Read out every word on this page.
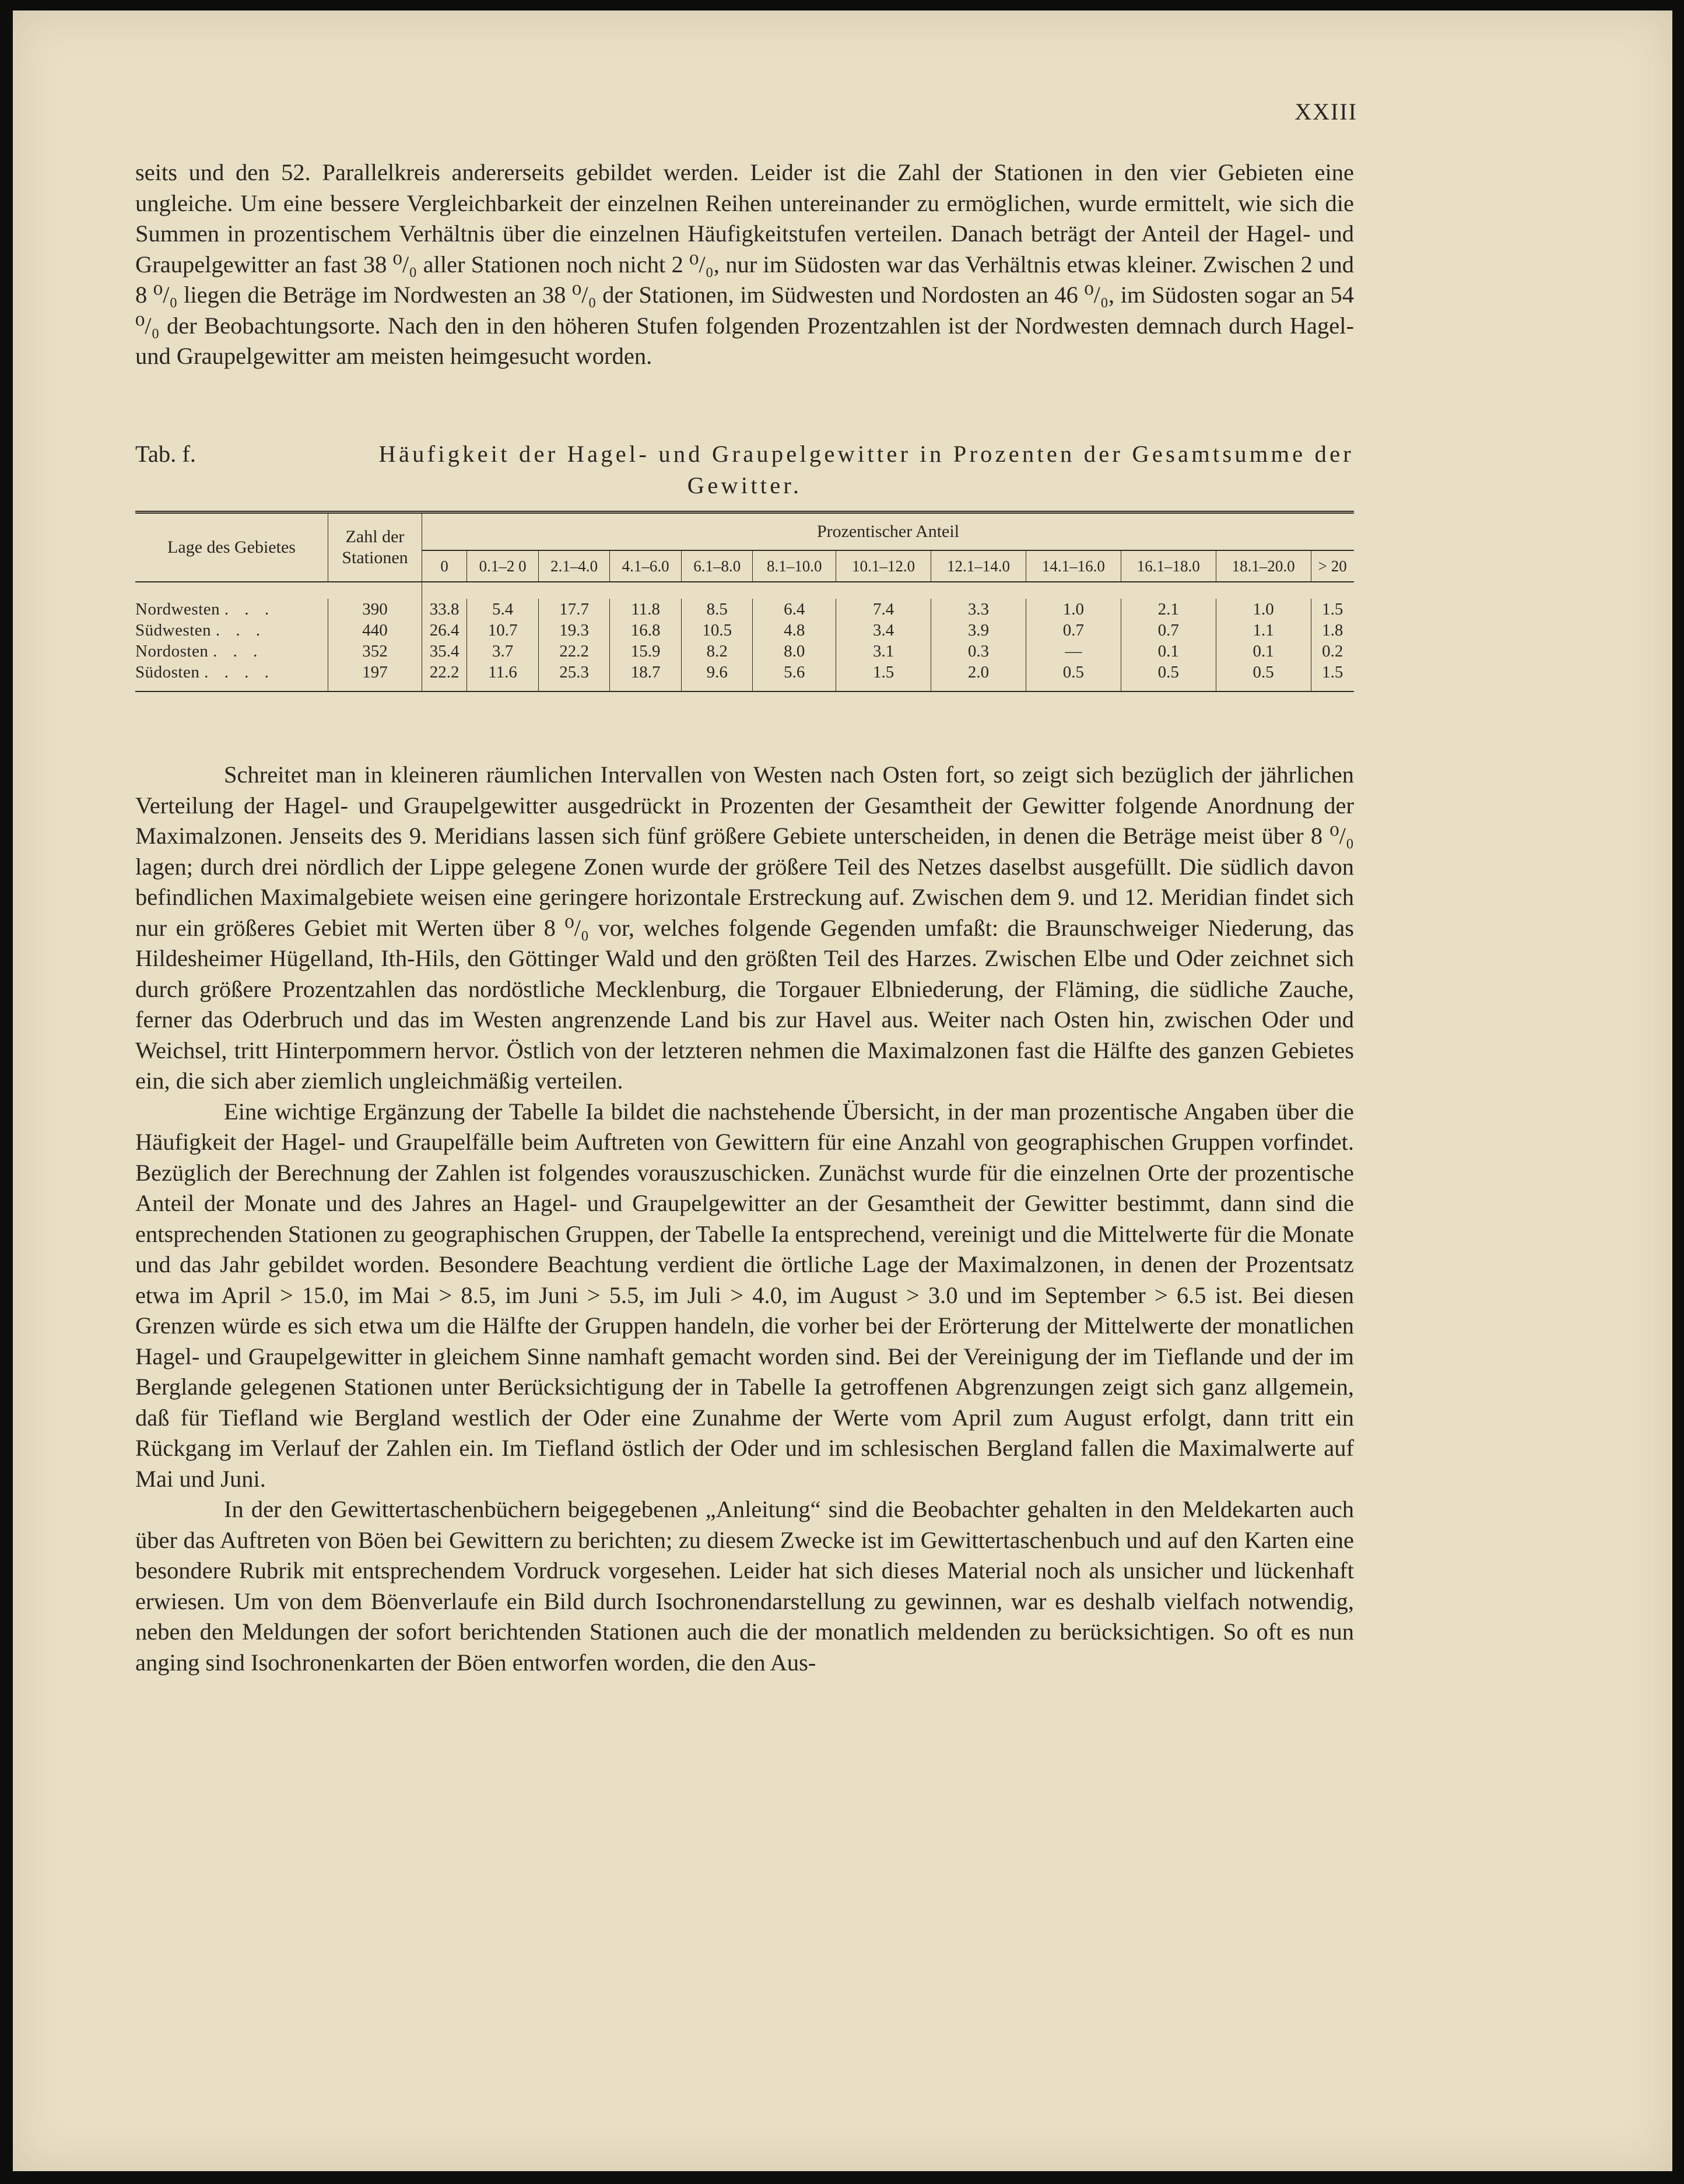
XXIII

seits und den 52. Parallelkreis andererseits gebildet werden. Leider ist die Zahl der Stationen in den vier Gebieten eine ungleiche. Um eine bessere Vergleichbarkeit der einzelnen Reihen untereinander zu ermöglichen, wurde ermittelt, wie sich die Summen in prozentischem Verhältnis über die einzelnen Häufigkeitstufen verteilen. Danach beträgt der Anteil der Hagel- und Graupelgewitter an fast 38 ⁰/₀ aller Stationen noch nicht 2 ⁰/₀, nur im Südosten war das Verhältnis etwas kleiner. Zwischen 2 und 8 ⁰/₀ liegen die Beträge im Nordwesten an 38 ⁰/₀ der Stationen, im Südwesten und Nordosten an 46 ⁰/₀, im Südosten sogar an 54 ⁰/₀ der Beobachtungsorte. Nach den in den höheren Stufen folgenden Prozentzahlen ist der Nordwesten demnach durch Hagel- und Graupelgewitter am meisten heimgesucht worden.

Tab. f.	Häufigkeit der Hagel- und Graupelgewitter in Prozenten der Gesamtsumme der
Gewitter.
Lage des Gebietes	Zahl der Stationen	Prozentischer Anteil											
		0	0.1–2 0	2.1–4.0	4.1–6.0	6.1–8.0	8.1–10.0	10.1–12.0	12.1–14.0	14.1–16.0	16.1–18.0	18.1–20.0	> 20

Nordwesten . . .	390	33.8	5.4	17.7	11.8	8.5	6.4	7.4	3.3	1.0	2.1	1.0	1.5
Südwesten . . .	440	26.4	10.7	19.3	16.8	10.5	4.8	3.4	3.9	0.7	0.7	1.1	1.8
Nordosten . . .	352	35.4	3.7	22.2	15.9	8.2	8.0	3.1	0.3	—	0.1	0.1	0.2
Südosten . . . .	197	22.2	11.6	25.3	18.7	9.6	5.6	1.5	2.0	0.5	0.5	0.5	1.5

Schreitet man in kleineren räumlichen Intervallen von Westen nach Osten fort, so zeigt sich bezüglich der jährlichen Verteilung der Hagel- und Graupelgewitter ausgedrückt in Prozenten der Gesamtheit der Gewitter folgende Anordnung der Maximalzonen. Jenseits des 9. Meridians lassen sich fünf größere Gebiete unterscheiden, in denen die Beträge meist über 8 ⁰/₀ lagen; durch drei nördlich der Lippe gelegene Zonen wurde der größere Teil des Netzes daselbst ausgefüllt. Die südlich davon befindlichen Maximalgebiete weisen eine geringere horizontale Erstreckung auf. Zwischen dem 9. und 12. Meridian findet sich nur ein größeres Gebiet mit Werten über 8 ⁰/₀ vor, welches folgende Gegenden umfaßt: die Braunschweiger Niederung, das Hildesheimer Hügelland, Ith-Hils, den Göttinger Wald und den größten Teil des Harzes. Zwischen Elbe und Oder zeichnet sich durch größere Prozentzahlen das nordöstliche Mecklenburg, die Torgauer Elbniederung, der Fläming, die südliche Zauche, ferner das Oderbruch und das im Westen angrenzende Land bis zur Havel aus. Weiter nach Osten hin, zwischen Oder und Weichsel, tritt Hinterpommern hervor. Östlich von der letzteren nehmen die Maximalzonen fast die Hälfte des ganzen Gebietes ein, die sich aber ziemlich ungleichmäßig verteilen.

Eine wichtige Ergänzung der Tabelle Ia bildet die nachstehende Übersicht, in der man prozentische Angaben über die Häufigkeit der Hagel- und Graupelfälle beim Auftreten von Gewittern für eine Anzahl von geographischen Gruppen vorfindet. Bezüglich der Berechnung der Zahlen ist folgendes vorauszuschicken. Zunächst wurde für die einzelnen Orte der prozentische Anteil der Monate und des Jahres an Hagel- und Graupelgewitter an der Gesamtheit der Gewitter bestimmt, dann sind die entsprechenden Stationen zu geographischen Gruppen, der Tabelle Ia entsprechend, vereinigt und die Mittelwerte für die Monate und das Jahr gebildet worden. Besondere Beachtung verdient die örtliche Lage der Maximalzonen, in denen der Prozentsatz etwa im April > 15.0, im Mai > 8.5, im Juni > 5.5, im Juli > 4.0, im August > 3.0 und im September > 6.5 ist. Bei diesen Grenzen würde es sich etwa um die Hälfte der Gruppen handeln, die vorher bei der Erörterung der Mittelwerte der monatlichen Hagel- und Graupelgewitter in gleichem Sinne namhaft gemacht worden sind. Bei der Vereinigung der im Tieflande und der im Berglande gelegenen Stationen unter Berücksichtigung der in Tabelle Ia getroffenen Abgrenzungen zeigt sich ganz allgemein, daß für Tiefland wie Bergland westlich der Oder eine Zunahme der Werte vom April zum August erfolgt, dann tritt ein Rückgang im Verlauf der Zahlen ein. Im Tiefland östlich der Oder und im schlesischen Bergland fallen die Maximalwerte auf Mai und Juni.

In der den Gewittertaschenbüchern beigegebenen „Anleitung“ sind die Beobachter gehalten in den Meldekarten auch über das Auftreten von Böen bei Gewittern zu berichten; zu diesem Zwecke ist im Gewittertaschenbuch und auf den Karten eine besondere Rubrik mit entsprechendem Vordruck vorgesehen. Leider hat sich dieses Material noch als unsicher und lückenhaft erwiesen. Um von dem Böenverlaufe ein Bild durch Isochronendarstellung zu gewinnen, war es deshalb vielfach notwendig, neben den Meldungen der sofort berichtenden Stationen auch die der monatlich meldenden zu berücksichtigen. So oft es nun anging sind Isochronenkarten der Böen entworfen worden, die den Aus-
